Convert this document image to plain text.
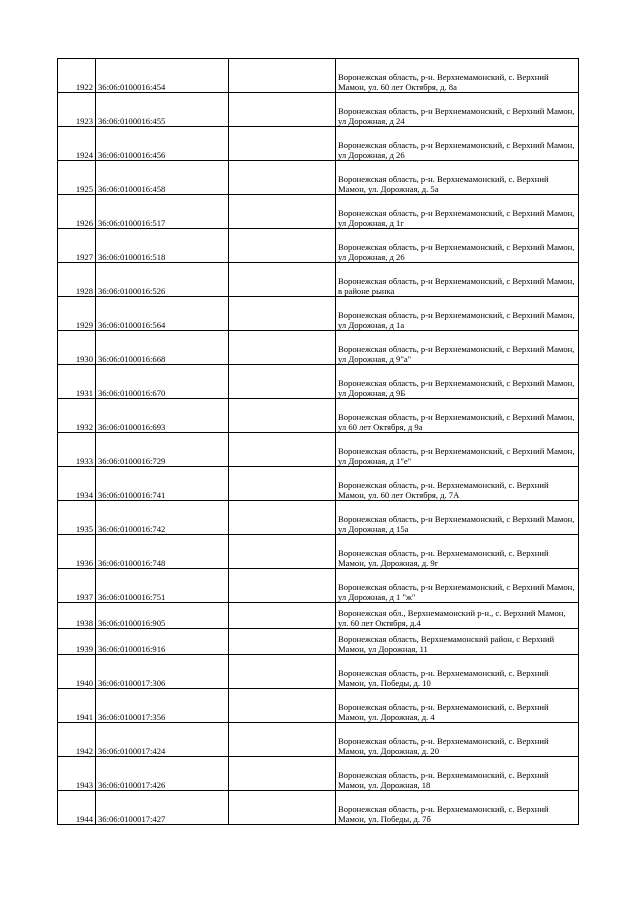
1922	36:06:0100016:454		Воронежская область, р-н. Верхнемамонский, с. Верхний Мамон, ул. 60 лет Октября, д. 8а
1923	36:06:0100016:455		Воронежская область, р-н Верхнемамонский, с Верхний Мамон, ул Дорожная, д 24
1924	36:06:0100016:456		Воронежская область, р-н Верхнемамонский, с Верхний Мамон, ул Дорожная, д 26
1925	36:06:0100016:458		Воронежская область, р-н. Верхнемамонский, с. Верхний Мамон, ул. Дорожная, д. 5а
1926	36:06:0100016:517		Воронежская область, р-н Верхнемамонский, с Верхний Мамон, ул Дорожная, д 1г
1927	36:06:0100016:518		Воронежская область, р-н Верхнемамонский, с Верхний Мамон, ул Дорожная, д 26
1928	36:06:0100016:526		Воронежская область, р-н Верхнемамонский, с Верхний Мамон, в районе рынка
1929	36:06:0100016:564		Воронежская область, р-н Верхнемамонский, с Верхний Мамон, ул Дорожная, д 1а
1930	36:06:0100016:668		Воронежская область, р-н Верхнемамонский, с Верхний Мамон, ул Дорожная, д 9"а"
1931	36:06:0100016:670		Воронежская область, р-н Верхнемамонский, с Верхний Мамон, ул Дорожная, д 9Б
1932	36:06:0100016:693		Воронежская область, р-н Верхнемамонский, с Верхний Мамон, ул 60 лет Октября, д 9а
1933	36:06:0100016:729		Воронежская область, р-н Верхнемамонский, с Верхний Мамон, ул Дорожная, д 1"е"
1934	36:06:0100016:741		Воронежская область, р-н. Верхнемамонский, с. Верхний Мамон, ул. 60 лет Октября, д. 7А
1935	36:06:0100016:742		Воронежская область, р-н Верхнемамонский, с Верхний Мамон, ул Дорожная, д 15а
1936	36:06:0100016:748		Воронежская область, р-н. Верхнемамонский, с. Верхний Мамон, ул. Дорожная, д. 9г
1937	36:06:0100016:751		Воронежская область, р-н Верхнемамонский, с Верхний Мамон, ул Дорожная, д 1 "ж"
1938	36:06:0100016:905		Воронежская обл., Верхнемамонский р-н., с. Верхний Мамон, ул. 60 лет Октября, д.4
1939	36:06:0100016:916		Воронежская область, Верхнемамонский район, с Верхний Мамон, ул Дорожная, 11
1940	36:06:0100017:306		Воронежская область, р-н. Верхнемамонский, с. Верхний Мамон, ул. Победы, д. 10
1941	36:06:0100017:356		Воронежская область, р-н. Верхнемамонский, с. Верхний Мамон, ул. Дорожная, д. 4
1942	36:06:0100017:424		Воронежская область, р-н. Верхнемамонский, с. Верхний Мамон, ул. Дорожная, д. 20
1943	36:06:0100017:426		Воронежская область, р-н. Верхнемамонский, с. Верхний Мамон, ул. Дорожная, 18
1944	36:06:0100017:427		Воронежская область, р-н. Верхнемамонский, с. Верхний Мамон, ул. Победы, д. 7б
